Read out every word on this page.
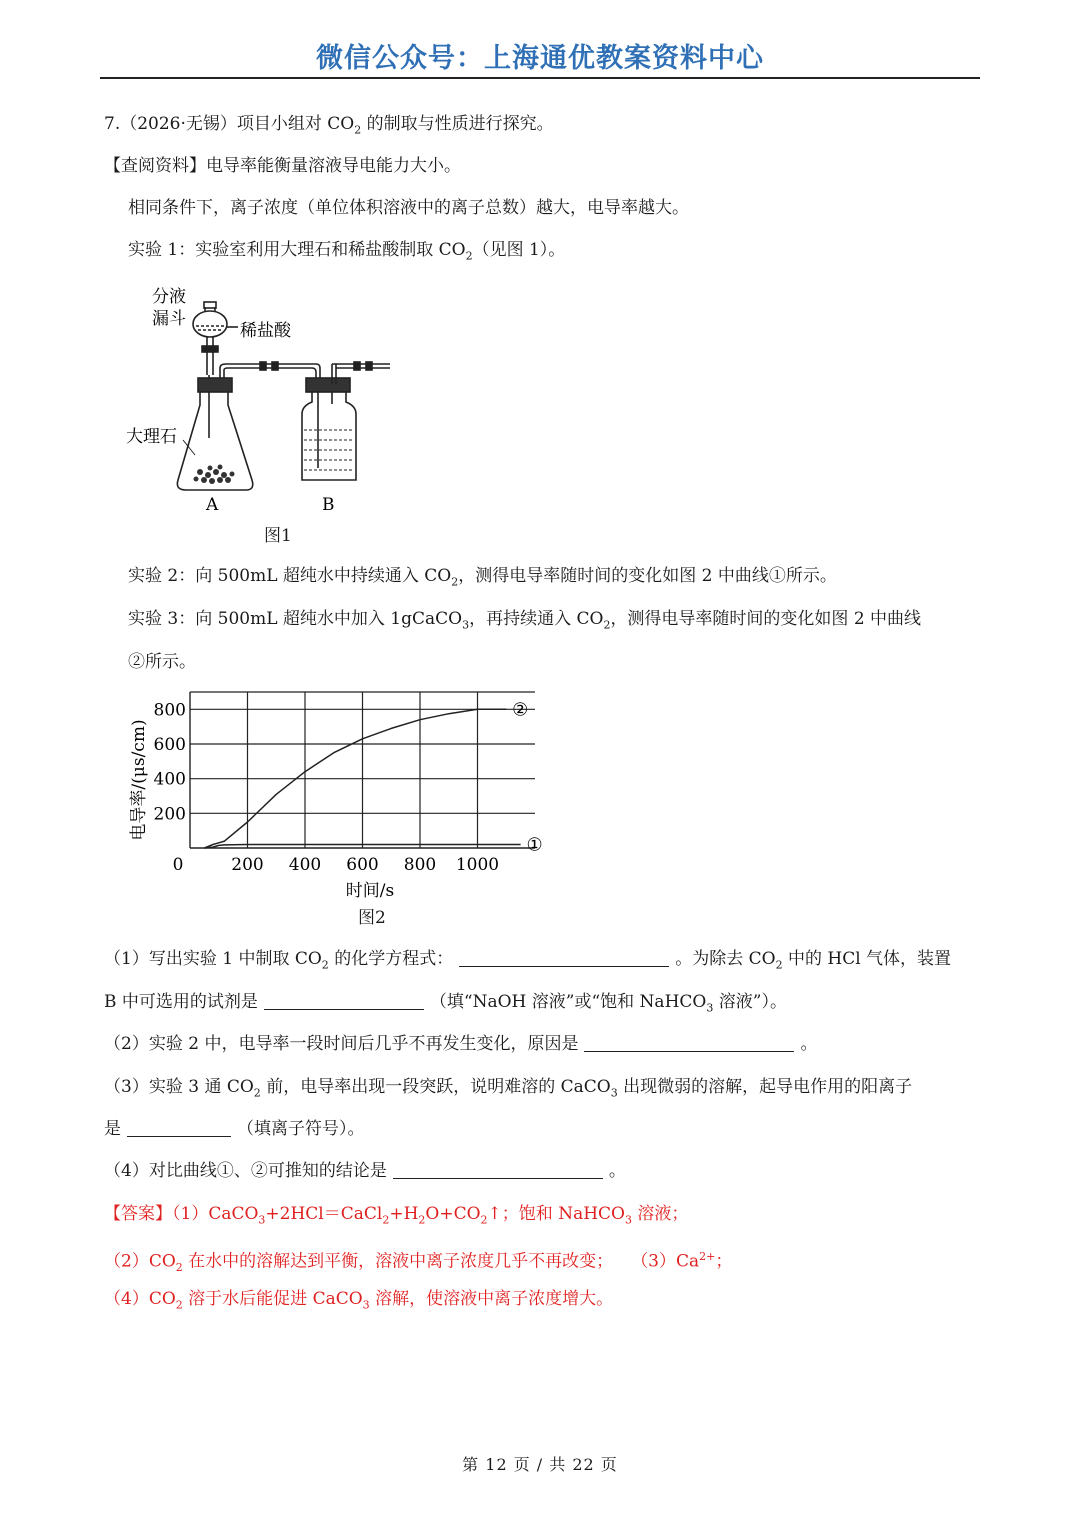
微信公众号：上海通优教案资料中心
7.（2026·无锡）项目小组对 $CO_2$ 的制取与性质进行探究。
【查阅资料】电导率能衡量溶液导电能力大小。
相同条件下，离子浓度（单位体积溶液中的离子总数）越大，电导率越大。
实验 1：实验室利用大理石和稀盐酸制取 $CO_2$（见图 1）。
分液
漏斗
稀盐酸
大理石
A	B
图1
实验 2：向 500mL 超纯水中持续通入 $CO_2$，测得电导率随时间的变化如图 2 中曲线①所示。
实验 3：向 500mL 超纯水中加入 1gCaCO$_3$，再持续通入 $CO_2$，测得电导率随时间的变化如图 2 中曲线
②所示。
0	200 400 600 800 1000
200
400
600
800
①
②
电导率/(μs/cm)
时间/s
图2
（1）写出实验 1 中制取 $CO_2$ 的化学方程式：	。为除去 $CO_2$ 中的 HCl 气体，装置
B 中可选用的试剂是	（填“NaOH 溶液”或“饱和 NaHCO$_3$ 溶液”）。
（2）实验 2 中，电导率一段时间后几乎不再发生变化，原因是	。
（3）实验 3 通 $CO_2$ 前，电导率出现一段突跃，说明难溶的 CaCO$_3$ 出现微弱的溶解，起导电作用的阳离子
是	（填离子符号）。
（4）对比曲线①、②可推知的结论是	。
【答案】$(1)CaCO_3+2HCl=CaCl_2+H_2O+CO_2↑$；饱和 NaHCO$_3$ 溶液；
$(2)CO_2$ 在水中的溶解达到平衡，溶液中离子浓度几乎不再改变； $(3)Ca^{2+}$；
$(4)CO_2$ 溶于水后能促进 CaCO$_3$ 溶解，使溶液中离子浓度增大。
第 12 页 / 共 22 页
